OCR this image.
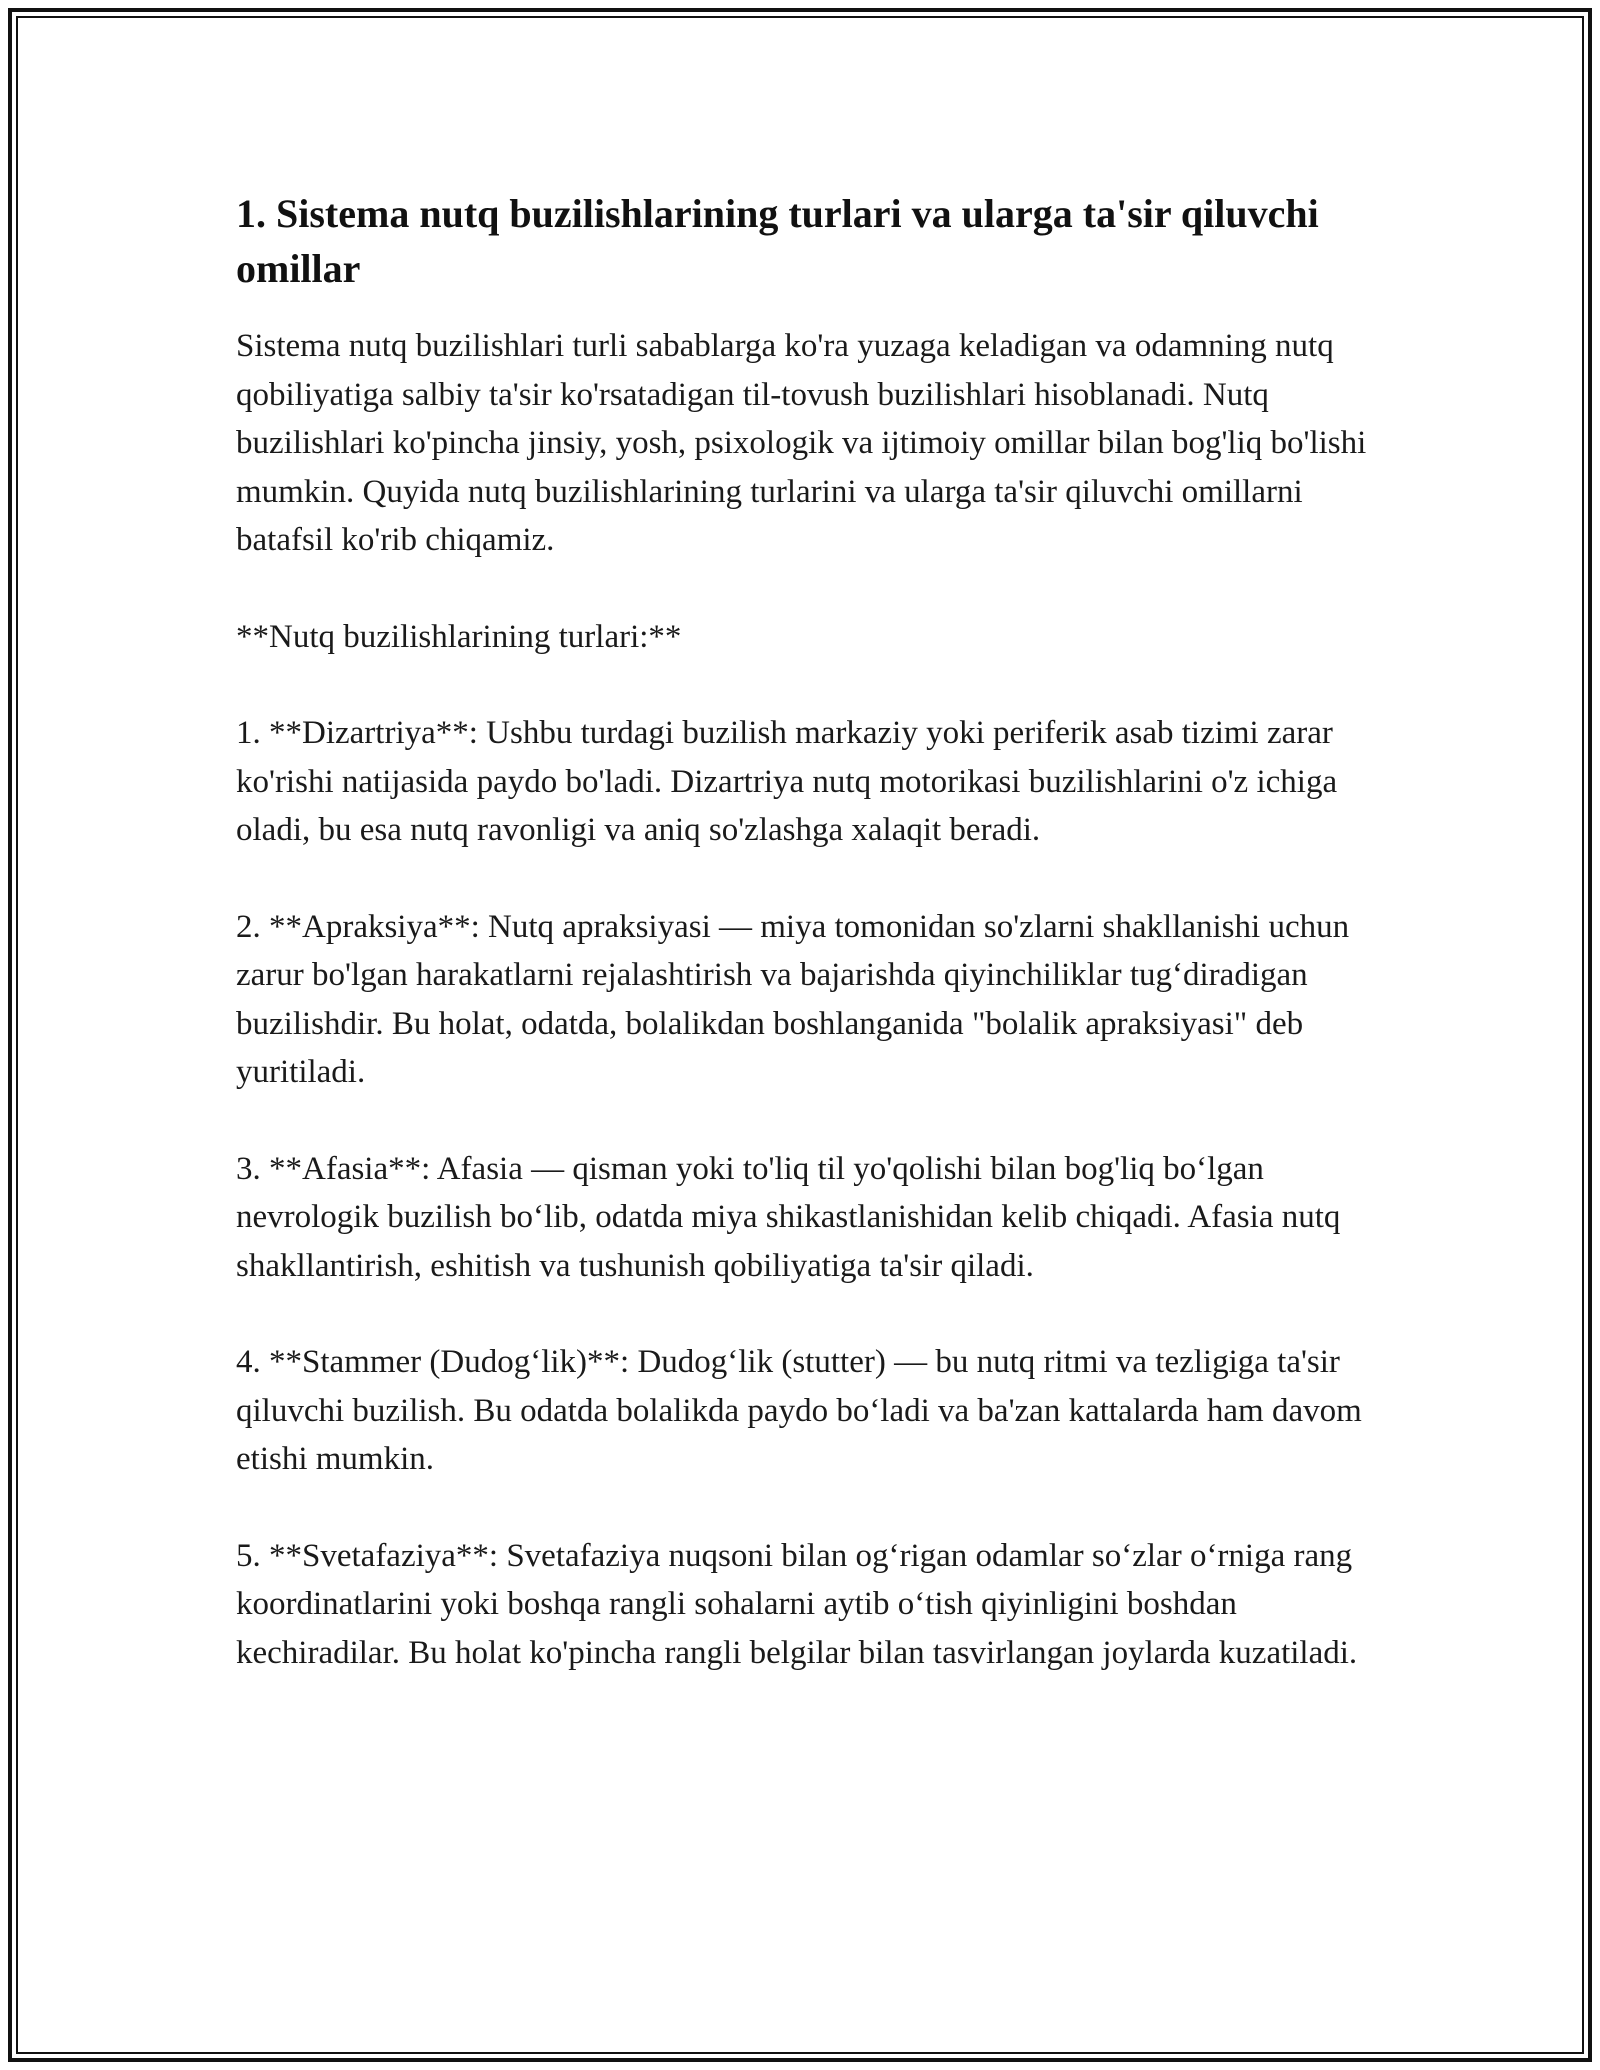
1. Sistema nutq buzilishlarining turlari va ularga ta'sir qiluvchi omillar

Sistema nutq buzilishlari turli sabablarga ko'ra yuzaga keladigan va odamning nutq qobiliyatiga salbiy ta'sir ko'rsatadigan til-tovush buzilishlari hisoblanadi. Nutq buzilishlari ko'pincha jinsiy, yosh, psixologik va ijtimoiy omillar bilan bog'liq bo'lishi mumkin. Quyida nutq buzilishlarining turlarini va ularga ta'sir qiluvchi omillarni batafsil ko'rib chiqamiz.

**Nutq buzilishlarining turlari:**

1. **Dizartriya**: Ushbu turdagi buzilish markaziy yoki periferik asab tizimi zarar ko'rishi natijasida paydo bo'ladi. Dizartriya nutq motorikasi buzilishlarini o'z ichiga oladi, bu esa nutq ravonligi va aniq so'zlashga xalaqit beradi.

2. **Apraksiya**: Nutq apraksiyasi — miya tomonidan so'zlarni shakllanishi uchun zarur bo'lgan harakatlarni rejalashtirish va bajarishda qiyinchiliklar tug‘diradigan buzilishdir. Bu holat, odatda, bolalikdan boshlanganida "bolalik apraksiyasi" deb yuritiladi.

3. **Afasia**: Afasia — qisman yoki to'liq til yo'qolishi bilan bog'liq bo‘lgan nevrologik buzilish bo‘lib, odatda miya shikastlanishidan kelib chiqadi. Afasia nutq shakllantirish, eshitish va tushunish qobiliyatiga ta'sir qiladi.

4. **Stammer (Dudog‘lik)**: Dudog‘lik (stutter) — bu nutq ritmi va tezligiga ta'sir qiluvchi buzilish. Bu odatda bolalikda paydo bo‘ladi va ba'zan kattalarda ham davom etishi mumkin.

5. **Svetafaziya**: Svetafaziya nuqsoni bilan og‘rigan odamlar so‘zlar o‘rniga rang koordinatlarini yoki boshqa rangli sohalarni aytib o‘tish qiyinligini boshdan kechiradilar. Bu holat ko'pincha rangli belgilar bilan tasvirlangan joylarda kuzatiladi.
